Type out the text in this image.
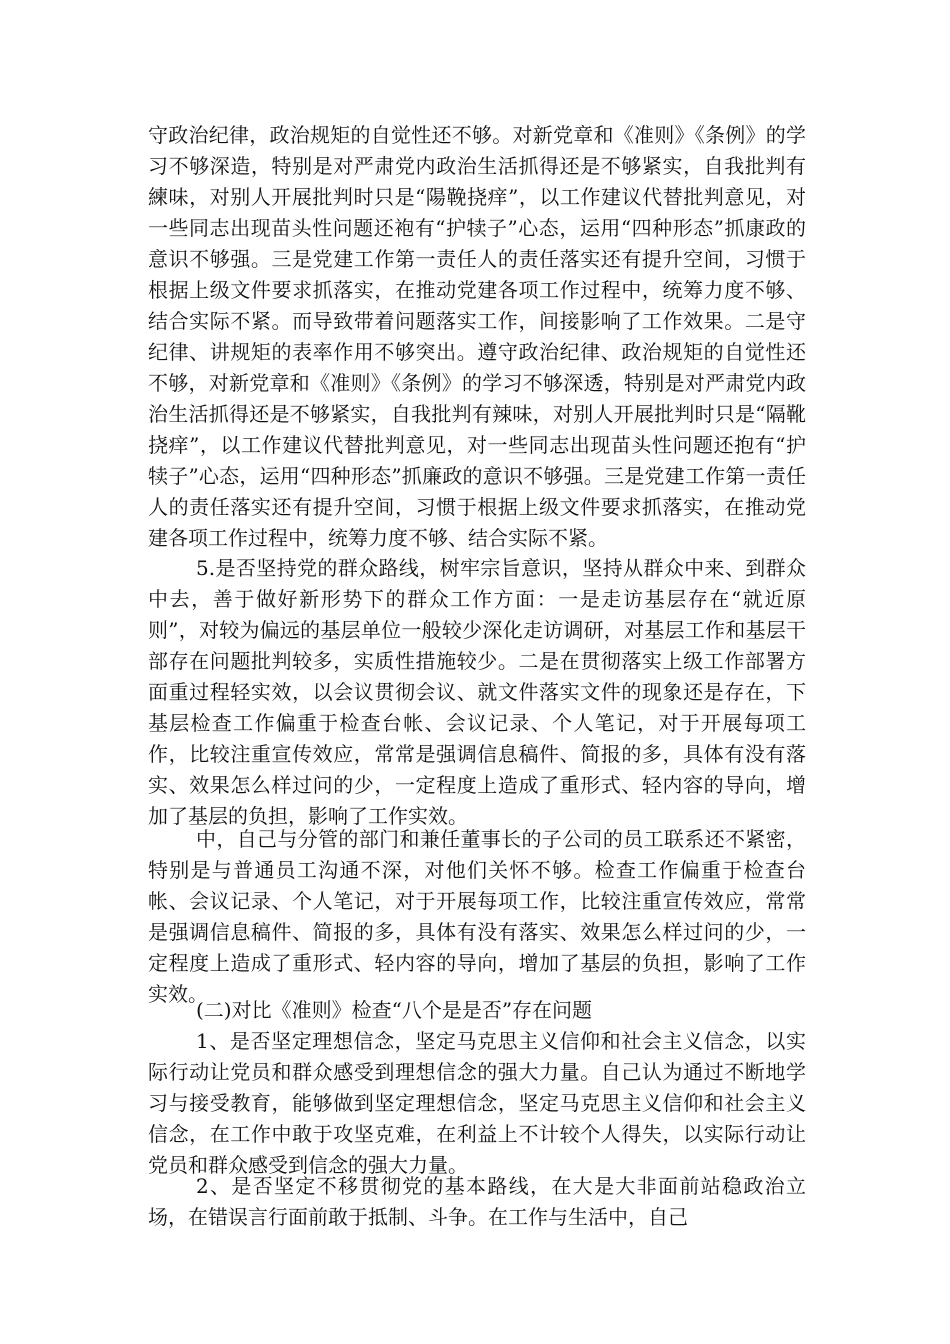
守政治纪律，政治规矩的自觉性还不够。对新党章和《准则》《条例》的学习不够深造，特别是对严肃党内政治生活抓得还是不够紧实，自我批判有練味，对别人开展批判时只是“陽鞔挠痒”，以工作建议代替批判意见，对一些同志出现苗头性问题还袍有“护犊子”心态，运用“四种形态”抓康政的意识不够强。三是党建工作第一责任人的责任落实还有提升空间，习惯于根据上级文件要求抓落实，在推动党建各项工作过程中，统筹力度不够、结合实际不紧。而导致带着问题落实工作，间接影响了工作效果。二是守纪律、讲规矩的表率作用不够突出。遵守政治纪律、政治规矩的自觉性还不够，对新党章和《准则》《条例》的学习不够深透，特别是对严肃党内政治生活抓得还是不够紧实，自我批判有辣味，对别人开展批判时只是“隔靴挠痒”，以工作建议代替批判意见，对一些同志出现苗头性问题还抱有“护犊子”心态，运用“四种形态”抓廉政的意识不够强。三是党建工作第一责任人的责任落实还有提升空间，习惯于根据上级文件要求抓落实，在推动党建各项工作过程中，统筹力度不够、结合实际不紧。

5.是否坚持党的群众路线，树牢宗旨意识，坚持从群众中来、到群众中去，善于做好新形势下的群众工作方面：一是走访基层存在“就近原则”，对较为偏远的基层单位一般较少深化走访调研，对基层工作和基层干部存在问题批判较多，实质性措施较少。二是在贯彻落实上级工作部署方面重过程轻实效，以会议贯彻会议、就文件落实文件的现象还是存在，下基层检查工作偏重于检查台帐、会议记录、个人笔记，对于开展每项工作，比较注重宣传效应，常常是强调信息稿件、简报的多，具体有没有落实、效果怎么样过问的少，一定程度上造成了重形式、轻内容的导向，增加了基层的负担，影响了工作实效。

中，自己与分管的部门和兼任董事长的子公司的员工联系还不紧密，特别是与普通员工沟通不深，对他们关怀不够。检查工作偏重于检查台帐、会议记录、个人笔记，对于开展每项工作，比较注重宣传效应，常常是强调信息稿件、简报的多，具体有没有落实、效果怎么样过问的少，一定程度上造成了重形式、轻内容的导向，增加了基层的负担，影响了工作实效。

(二)对比《准则》检查“八个是是否”存在问题

1、是否坚定理想信念，坚定马克思主义信仰和社会主义信念，以实际行动让党员和群众感受到理想信念的强大力量。自己认为通过不断地学习与接受教育，能够做到坚定理想信念，坚定马克思主义信仰和社会主义信念，在工作中敢于攻坚克难，在利益上不计较个人得失，以实际行动让党员和群众感受到信念的强大力量。

2、是否坚定不移贯彻党的基本路线，在大是大非面前站稳政治立场，在错误言行面前敢于抵制、斗争。在工作与生活中，自己
